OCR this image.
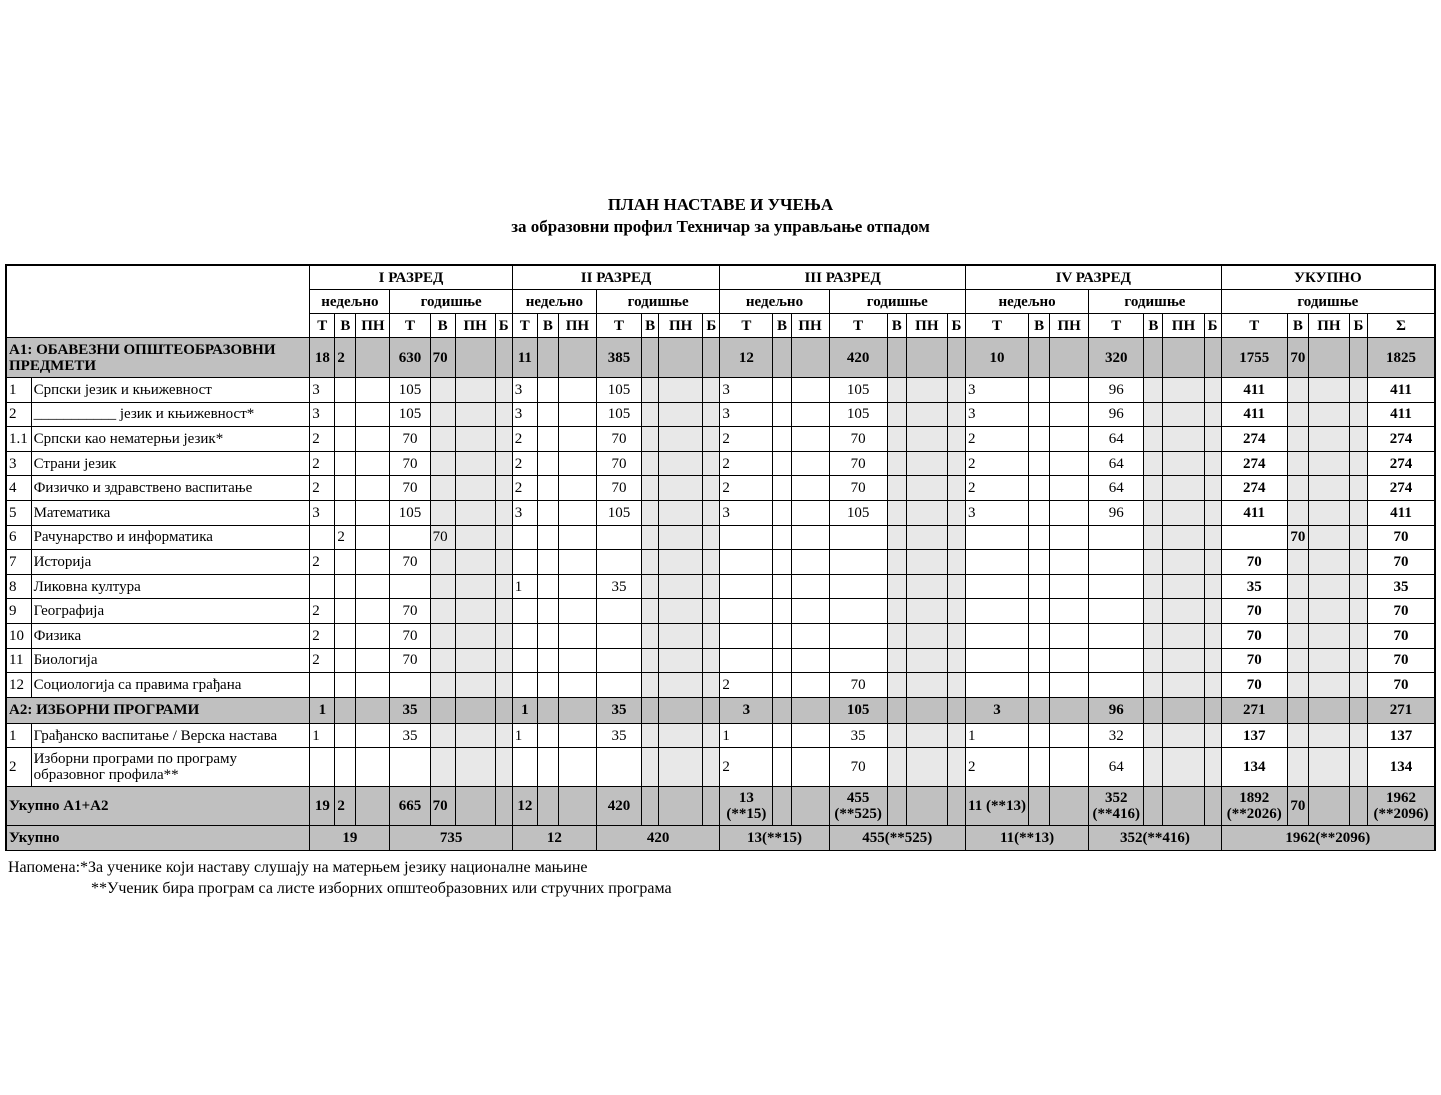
ПЛАН НАСТАВЕ И УЧЕЊА
за образовни профил Техничар за управљање отпадом
		I РАЗРЕД							II РАЗРЕД							III РАЗРЕД							IV РАЗРЕД							УКУПНО				
		недељно			годишње				недељно			годишње				недељно			годишње				недељно			годишње				годишње				
		Т	В	ПН	Т	В	ПН	Б	Т	В	ПН	Т	В	ПН	Б	Т	В	ПН	Т	В	ПН	Б	Т	В	ПН	Т	В	ПН	Б	Т	В	ПН	Б	Σ
А1: ОБАВЕЗНИ ОПШТЕОБРАЗОВНИ ПРЕДМЕТИ		18	2		630	70			11			385				12			420				10			320				1755	70			1825
1	Српски језик и књижевност	3			105				3			105				3			105				3			96				411				411
2	___________ језик и књижевност*	3			105				3			105				3			105				3			96				411				411
1.1	Српски као нематерњи језик*	2			70				2			70				2			70				2			64				274				274
3	Страни језик	2			70				2			70				2			70				2			64				274				274
4	Физичко и здравствено васпитање	2			70				2			70				2			70				2			64				274				274
5	Математика	3			105				3			105				3			105				3			96				411				411
6	Рачунарство и информатика		2			70																									70			70
7	Историја	2			70																									70				70
8	Ликовна култура								1			35																		35				35
9	Географија	2			70																									70				70
10	Физика	2			70																									70				70
11	Биологија	2			70																									70				70
12	Социологија са правима грађана															2			70											70				70
А2: ИЗБОРНИ ПРОГРАМИ		1			35				1			35				3			105				3			96				271				271
1	Грађанско васпитање / Верска настава	1			35				1			35				1			35				1			32				137				137
2	Изборни програми по програму образовног профила**															2			70				2			64				134				134
Укупно А1+А2		19	2		665	70			12			420				13 (**15)			455 (**525)				11 (**13)			352 (**416)				1892 (**2026)	70			1962 (**2096)
Укупно		19			735				12			420				13(**15)			455(**525)				11(**13)			352(**416)				1962(**2096)				
Напомена:*За ученике који наставу слушају на матерњем језику националне мањине
**Ученик бира програм са листе изборних општеобразовних или стручних програма
